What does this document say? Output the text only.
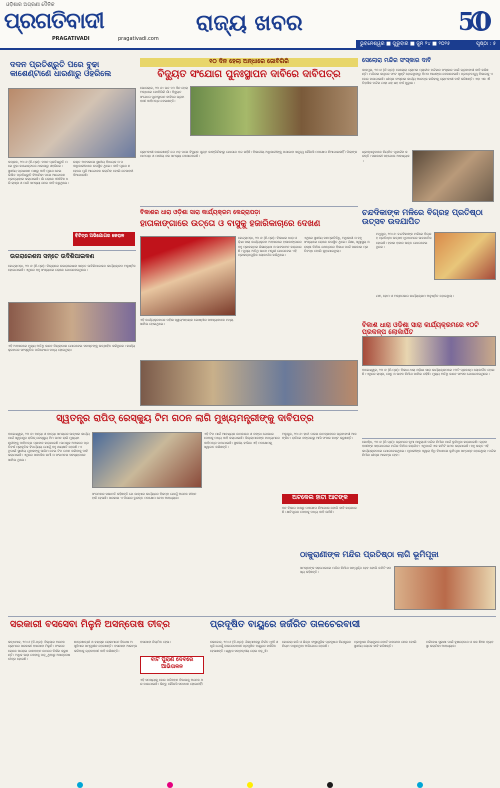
ଓଡ଼ିଶାର ଅଗ୍ରଣୀ ଦୈନିକ
ପ୍ରଗତିବାଦୀ
PRAGATIVADI	pragativadi.com
ରାଜ୍ୟ ଖବର	50
ଭୁବନେଶ୍ୱର ■ ଗୁରୁବାର ■ ଜୁନ ୨୪ ■ ୨୦୨୫	ପୃଷ୍ଠା : ୫
ଦଦନ ପ୍ରତିଶ୍ରୁତି ପରେ ବୁଢା କାଶେଣ୍ଟାଣେ ଧାରଣାରୁ ଓହରିଲେ
ଭଦ୍ରକ, ୨୦।୬ (ନି.ପ୍ର): ଦଦନ ପ୍ରତିଶ୍ରୁତି ପରେ ବୁଢା କାଶେଣ୍ଟାଣେ ଧାରଣାରୁ ଓହରିଲେ। ସ୍ଥାନୀୟ ପ୍ରଶାସନ ପକ୍ଷରୁ ଦାବି ପୂରଣ ନେଇ ଲିଖିତ ପ୍ରତିଶ୍ରୁତି ଦିଆଯିବା ପରେ ଆନ୍ଦୋଳନ ପ୍ରତ୍ୟାହାର କରାଯାଇଛି। ଗାଁ ଲୋକେ ଦୀର୍ଘଦିନ ଧରି ରାସ୍ତା ଓ ପାଣି ସମସ୍ୟା ନେଇ ଦାବି କରୁଥିଲେ।
ଉକ୍ତ ଅବସରରେ ସ୍ଥାନୀୟ ବିଧାୟକ ଓ ପଦାଧିକାରୀମାନେ ଉପସ୍ଥିତ ଥିଲେ। ଦାବି ପୂରଣ ନହେଲେ ପୁଣି ଆନ୍ଦୋଳନ କରାଯିବ ବୋଲି ଚେତାବନୀ ଦିଆଯାଇଛି।
ବିଚିତ୍ର ଅଭିଯୋଗର କେରାଳ
ଉଗରାରେଶନା ସନ୍ତେ ଉଦିଶିପାଇକଣ
କେନ୍ଦ୍ରାପଡ଼ା, ୨୦।୬ (ନି.ପ୍ର): ଜିଲ୍ଲାରେ ଉଗରାରେଶନା ସନ୍ତେ ଉଦିଶିପାଇକଣ କାର୍ଯ୍ୟକ୍ରମ ଅନୁଷ୍ଠିତ ହୋଇଯାଇଛି। ଏଥିରେ ବହୁ ସଂଖ୍ୟାରେ ଲୋକେ ଯୋଗଦେଇଥିଲେ।
ଏହି ଅବସରରେ ମୁଖ୍ୟ ଅତିଥି ଭାବେ ଜିଲ୍ଲାପାଳ ଯୋଗଦେଇ ସମସ୍ତଙ୍କୁ ଉତ୍ସାହିତ କରିଥିଲେ। କାର୍ଯ୍ୟକ୍ରମରେ ସାଂସ୍କୃତିକ ପରିବେଷଣ ମଧ୍ୟ ହୋଇଥିଲା।
୧୦ ଦିନ ହେଲା ଅନ୍ଧାରେ ଜୋବିଗିରି
ବିଦ୍ୟୁତ ସଂଯୋଗ ପୁନଃସ୍ଥାପନ ଦାବିରେ ଦାବିପତ୍ର
ଭୋଗରାଇ, ୨୦।୬: ଗତ ୧୦ ଦିନ ହେଲା ଅନ୍ଧାରେ ଜୋବିଗିରି ଗାଁ। ବିଦ୍ୟୁତ ସଂଯୋଗ ପୁନଃସ୍ଥାପନ ଦାବିରେ ଗ୍ରାମବାସୀ ଦାବିପତ୍ର ଦେଇଛନ୍ତି।
ଗ୍ରାମବାସୀ ଜଣାଇଛନ୍ତି ଯେ ଝଡ଼ ପରେ ବିଦ୍ୟୁତ ଖୁଣ୍ଟ ଭାଙ୍ଗିଯିବାରୁ ଯୋଗାଣ ବନ୍ଦ ରହିଛି। ବିଭାଗୀୟ ଅଧିକାରୀଙ୍କୁ ଜଣାଇବା ସତ୍ତ୍ୱେ କୌଣସି ପଦକ୍ଷେପ ନିଆଯାଇନାହିଁ। ପିଲାଙ୍କ ପାଠପଢ଼ା ଓ ପାନୀୟ ଜଳ ସମସ୍ୟା ଦେଖାଦେଇଛି।
ବିକାଶର ଧାରା ଓଡ଼ିଶା ସାରା କାର୍ଯ୍ୟକ୍ରମ କେନ୍ଦ୍ରାପଡ଼ା
ହାତାକାଙ୍ଗାରେ ଉତ୍ତୋ ଓ ବାସୁକୁ ହଜାରିକାଚାରେ ଦେଖଣ
କେନ୍ଦ୍ରାପଡ଼ା, ୨୦।୬ (ନି.ପ୍ର): ବିକାଶର ଧାରା ଓଡ଼ିଶା ସାରା କାର୍ଯ୍ୟକ୍ରମ ଅବସରରେ ହାତାକାଙ୍ଗାରେ ବହୁ ପ୍ରକଳ୍ପର ଶିଳାନ୍ୟାସ ଓ ଉଦଘାଟନ କରାଯାଇଛି। ମୁଖ୍ୟ ଅତିଥି ଭାବେ ମନ୍ତ୍ରୀ ଯୋଗଦେଇ ଏହି ପ୍ରକଳ୍ପଗୁଡ଼ିକ ଲୋକାର୍ପଣ କରିଥିଲେ।
ଏଥିରେ ସ୍ଥାନୀୟ ଜନପ୍ରତିନିଧି, ଅଧିକାରୀ ଓ ବହୁ ସଂଖ୍ୟାରେ ଲୋକେ ଉପସ୍ଥିତ ଥିଲେ। ଶିକ୍ଷା, ସ୍ୱାସ୍ଥ୍ୟ ଓ ରାସ୍ତା ନିର୍ମାଣ କ୍ଷେତ୍ରରେ ବିକାଶ ପାଇଁ ସରକାର ପ୍ରତିବଦ୍ଧ ବୋଲି କୁହାଯାଇଥିଲା।
ଏହି କାର୍ଯ୍ୟକ୍ରମରେ ମହିଳା ସ୍ୱୟଂସହାୟକ ଗୋଷ୍ଠୀର ସଦସ୍ୟାମାନେ ମଧ୍ୟ ସାମିଲ ହୋଇଥିଲେ।
ସେଲୋରା ମନ୍ଦିର ସଂସ୍କାର ଦାବି
ଜାଜପୁର, ୨୦।୬ (ନି.ପ୍ର): ସେଲୋରା ଗ୍ରାମର ପ୍ରାଚୀନ ମନ୍ଦିରର ସଂସ୍କାର ପାଇଁ ଗ୍ରାମବାସୀ ଦାବି କରିଛନ୍ତି। ମନ୍ଦିରର କାନ୍ଥରେ ଫାଟ ସୃଷ୍ଟି ହୋଇଥିବାରୁ ବିପଦ ଆଶଙ୍କା ଦେଖାଦେଇଛି। ପ୍ରତ୍ନତତ୍ତ୍ୱ ବିଭାଗକୁ ଏନେଇ ଜଣାଯାଇଛି। ଶୀଘ୍ର ସଂସ୍କାର କାର୍ଯ୍ୟ ଆରମ୍ଭ କରିବାକୁ ଗ୍ରାମବାସୀ ଦାବି କରିଛନ୍ତି। ଏହା ଏକ ଐତିହାସିକ ମନ୍ଦିର ଯାହା ଶହ ଶହ ବର୍ଷ ପୁରୁଣା।
ଶ୍ରଦ୍ଧାଳୁମାନେ ନିୟମିତ ପୂଜାର୍ଚ୍ଚନା କରନ୍ତି। ସରକାରୀ ସହଯୋଗ ଆବଶ୍ୟକ।
ଚନ୍ଦଦିକାଙ୍କ ମଳିରେ ବିଗ୍ରହ ପ୍ରତିଷ୍ଠା ଉତ୍ସବ ଉଦଯାପିତ
ମଧୁପୁର, ୨୦।୬: ଚନ୍ଦଦିକାଙ୍କ ମଳିରେ ବିଗ୍ରହ ପ୍ରତିଷ୍ଠା ଉତ୍ସବ ଧୁମଧାମରେ ଉଦଯାପିତ ହୋଇଛି। ହଜାର ହଜାର ଭକ୍ତ ଯୋଗଦେଇଥିଲେ।
ଯଜ୍ଞ, ହୋମ ଓ ଅନ୍ନଭୋଗ କାର୍ଯ୍ୟକ୍ରମ ଅନୁଷ୍ଠିତ ହୋଇଥିଲା।
ବିକାଶ ଧାରା ଓଡ଼ିଶା ସାରା କାର୍ଯ୍ୟକ୍ରମରେ ୧୦ଟି ପ୍ରକଳ୍ପ ଲୋକାର୍ପିତ
ବାଲେଶ୍ୱର, ୨୦।୬ (ନି.ପ୍ର): ବିକାଶ ଧାରା ଓଡ଼ିଶା ସାରା କାର୍ଯ୍ୟକ୍ରମରେ ୧୦ଟି ପ୍ରକଳ୍ପ ଲୋକାର୍ପିତ ହୋଇଛି। ଏଥିରେ ରାସ୍ତା, ସେତୁ ଓ ଭବନ ନିର୍ମାଣ ସାମିଲ ରହିଛି। ମୁଖ୍ୟ ଅତିଥି ଭାବେ ସାଂସଦ ଯୋଗଦେଇଥିଲେ।
ସ୍ୱତନ୍ତ୍ର ରାପିଡ୍ ରେସ୍କ୍ୟୁ ଟିମ ଗଠନ ଲାଗି ମୁଖ୍ୟମନ୍ତ୍ରୀଙ୍କୁ ଦାବିପତ୍ର
ବାଲେଶ୍ୱର, ୨୦।୬: ବନ୍ୟା ଓ ବାତ୍ୟା ସମୟରେ ଉଦ୍ଧାର କାର୍ଯ୍ୟ ପାଇଁ ସ୍ୱତନ୍ତ୍ର ରାପିଡ୍ ରେସ୍କ୍ୟୁ ଟିମ ଗଠନ ଲାଗି ମୁଖ୍ୟମନ୍ତ୍ରୀଙ୍କୁ ଦାବିପତ୍ର ପ୍ରଦାନ କରାଯାଇଛି। ଉପକୂଳ ଅଞ୍ଚଳରେ ପ୍ରତିବର୍ଷ ପ୍ରାକୃତିକ ବିପର୍ଯ୍ୟୟ ଯୋଗୁଁ ବହୁ କ୍ଷୟକ୍ଷତି ହେଉଛି। ଏଥିପାଇଁ ସ୍ଥାନୀୟ ଯୁବକଙ୍କୁ ତାଲିମ ଦେଇ ଟିମ ଗଠନ କରିବାକୁ ଦାବି କରାଯାଇଛି। ଏଥିରେ ସାମାଜିକ କର୍ମୀ ଓ ସଂଗଠନର ସଦସ୍ୟମାନେ ସାମିଲ ଥିଲେ।
ସଂଗଠନର ସଭାପତି କହିଛନ୍ତି ଯେ ଉଦ୍ଧାର କାର୍ଯ୍ୟରେ ବିଳମ୍ବ ଯୋଗୁଁ ଅନେକ ଜୀବନ ହାନି ହେଉଛି। ସରକାର ଏ ଦିଗରେ ତୁରନ୍ତ ପଦକ୍ଷେପ ନେବା ଆବଶ୍ୟକ।
ଏହି ଟିମ ପାଇଁ ଆବଶ୍ୟକ ଉପକରଣ ଓ ଡଙ୍ଗା ଯୋଗାଇଦେବାକୁ ମଧ୍ୟ ଦାବି କରାଯାଇଛି। ଜିଲ୍ଲାପାଳଙ୍କ ମାଧ୍ୟମରେ ଦାବିପତ୍ର ପଠାଯାଇଛି। ସ୍ଥାନୀୟ ବାସିନ୍ଦା ଏହି ପଦକ୍ଷେପକୁ ସ୍ୱାଗତ କରିଛନ୍ତି।
ଅଟକେଲ ହାତୀ ଆତଙ୍କ
ଅନୁଗୁଳ, ୨୦।୬: ହାତୀ ପଲର ଉପଦ୍ରବରେ ଗ୍ରାମବାସୀ ଆତଙ୍କିତ। ରାତିରେ ଜଙ୍ଗଲରୁ ଆସି ଫସଲ ନଷ୍ଟ କରୁଛନ୍ତି।
ବନ ବିଭାଗ ପକ୍ଷରୁ ପଦକ୍ଷେପ ନିଆଯାଉ ବୋଲି ଦାବି କରାଯାଇଛି। କ୍ଷତିପୂରଣ ଦେବାକୁ ମଧ୍ୟ ଦାବି ଉଠିଛି।
ଖୋର୍ଦ୍ଧା, ୨୦।୬ (ନି.ପ୍ର): ଗ୍ରାମରେ ନୂଆ ଠାକୁରାଣୀ ମନ୍ଦିର ନିର୍ମାଣ ପାଇଁ ଭୂମିପୂଜା କରାଯାଇଛି। ଗ୍ରାମବାସୀଙ୍କ ସହଯୋଗରେ ମନ୍ଦିର ନିର୍ମାଣ କରାଯିବ। ଏଥିପାଇଁ ଏକ କମିଟି ଗଠନ କରାଯାଇଛି। ବହୁ ଭକ୍ତ ଏହି କାର୍ଯ୍ୟକ୍ରମରେ ଯୋଗଦେଇଥିଲେ। ପୂଜାରୀଙ୍କ ଦ୍ୱାରା ବିଧି ବିଧାନରେ ଭୂମିପୂଜା ସମ୍ପନ୍ନ ହୋଇଥିଲା। ମନ୍ଦିର ନିର୍ମାଣ ଶୀଘ୍ର ଆରମ୍ଭ ହେବ।
ଠାକୁରାଣୀଙ୍କ ମନ୍ଦିର ପ୍ରତିଷ୍ଠା ଲାଗି ଭୂମିପୂଜା
ସମସ୍ତଙ୍କ ସହଯୋଗରେ ମନ୍ଦିର ନିର୍ମାଣ ସମ୍ପୂର୍ଣ୍ଣ ହେବ ବୋଲି କମିଟି ସଦସ୍ୟ କହିଛନ୍ତି।
ସରକାରୀ ବସସେବା ମିଳୁନି ଅସନ୍ତୋଷ ତୀବ୍ର
କନ୍ଧମାଳ, ୨୦।୬ (ନି.ପ୍ର): ଜିଲ୍ଲାର ଅନେକ ଗ୍ରାମରେ ସରକାରୀ ବସସେବା ମିଳୁନି। ଫଳରେ ଲୋକେ ଘରୋଇ ଯାନବାହନ ଉପରେ ନିର୍ଭର କରୁଛନ୍ତି। ଅଧିକ ଭଡ଼ା ଦେବାକୁ ପଡ଼ୁଥିବାରୁ ଅସନ୍ତୋଷ ତୀବ୍ର ହୋଇଛି।
ଛାତ୍ରଛାତ୍ରୀ ଓ ବୟସ୍କ ଲୋକମାନେ ବିଶେଷ ଅସୁବିଧାର ସମ୍ମୁଖୀନ ହେଉଛନ୍ତି। ବସସେବା ଆରମ୍ଭ କରିବାକୁ ଗ୍ରାମବାସୀ ଦାବି କରିଛନ୍ତି।
ବାଟି ପୁରାଣ ଦେବରେ ଆଭିତାଳନ
ବସସେବା ନିୟମିତ ହେଉ।
ଏହି ସମସ୍ୟାକୁ ନେଇ ପରିବହନ ବିଭାଗକୁ ଅନେକ ଥର ଜଣାଯାଇଛି। କିନ୍ତୁ କୌଣସି ସମାଧାନ ହୋଇନାହିଁ।
ପ୍ରଦୂଷିତ ବାୟୁରେ ଜର୍ଜରିତ ତାଳଚେରବାସୀ
ତାଳଚେର, ୨୦।୬ (ନି.ପ୍ର): ଶିଳ୍ପାଞ୍ଚଳରୁ ନିର୍ଗତ ଧୂଆଁ ଓ ଧୂଳି ଯୋଗୁଁ ତାଳଚେରବାସୀ ପ୍ରଦୂଷିତ ବାୟୁରେ ଜର୍ଜରିତ ହେଉଛନ୍ତି। ଶ୍ୱାସ ସମ୍ବନ୍ଧୀୟ ରୋଗ ବଢ଼ୁଛି।
କୋଇଲା ଖଣି ଓ ଶିଳ୍ପ ସଂସ୍ଥାଗୁଡ଼ିକ ପ୍ରଦୂଷଣ ନିୟନ୍ତ୍ରଣ ନିୟମ ମାନୁନଥିବା ଅଭିଯୋଗ ହେଉଛି।
ପ୍ରଦୂଷଣ ନିୟନ୍ତ୍ରଣ ବୋର୍ଡ ପଦକ୍ଷେପ ନେଉ ବୋଲି ସ୍ଥାନୀୟ ଲୋକେ ଦାବି କରିଛନ୍ତି।
ପରିବେଶ ସୁରକ୍ଷା ପାଇଁ ବୃକ୍ଷରୋପଣ ଓ ଜଳ ଛିଞ୍ଚନ ବ୍ୟବସ୍ଥା କରାଯିବା ଆବଶ୍ୟକ।
